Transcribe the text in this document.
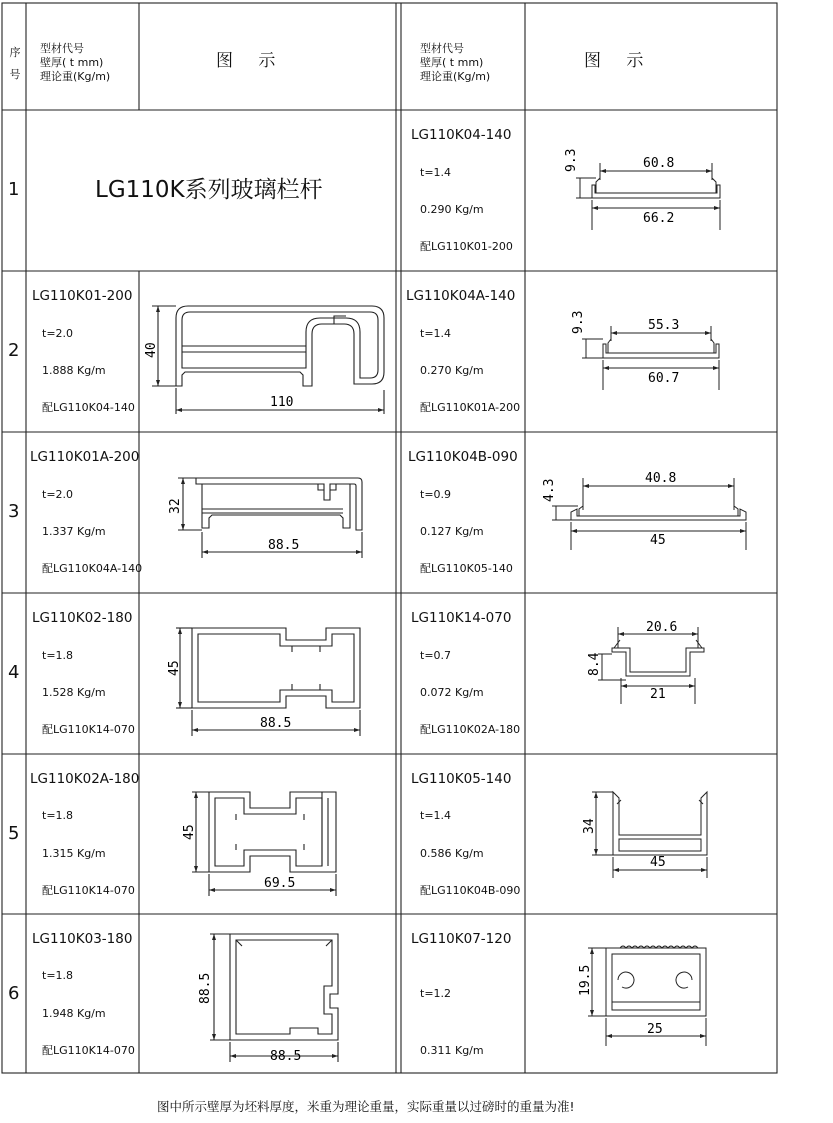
序号
型材代号
壁厚( t mm)
理论重(Kg/m)
图 示
型材代号
壁厚( t mm)
理论重(Kg/m)
图 示
1
2
3
4
5
6
LG110K系列玻璃栏杆
LG110K01-200
t=2.0
1.888 Kg/m
配LG110K04-140
LG110K01A-200
t=2.0
1.337 Kg/m
配LG110K04A-140
LG110K02-180
t=1.8
1.528 Kg/m
配LG110K14-070
LG110K02A-180
t=1.8
1.315 Kg/m
配LG110K14-070
LG110K03-180
t=1.8
1.948 Kg/m
配LG110K14-070
LG110K04-140
t=1.4
0.290 Kg/m
配LG110K01-200
LG110K04A-140
t=1.4
0.270 Kg/m
配LG110K01A-200
LG110K04B-090
t=0.9
0.127 Kg/m
配LG110K05-140
LG110K14-070
t=0.7
0.072 Kg/m
配LG110K02A-180
LG110K05-140
t=1.4
0.586 Kg/m
配LG110K04B-090
LG110K07-120
t=1.2
0.311 Kg/m
60.8
66.2
9.3
110
40
55.3
60.7
9.3
88.5
32
40.8
45
4.3
88.5
45
20.6
21
8.4
69.5
45
45
34
88.5
88.5
25
19.5
图中所示壁厚为坯料厚度，米重为理论重量，实际重量以过磅时的重量为准!
